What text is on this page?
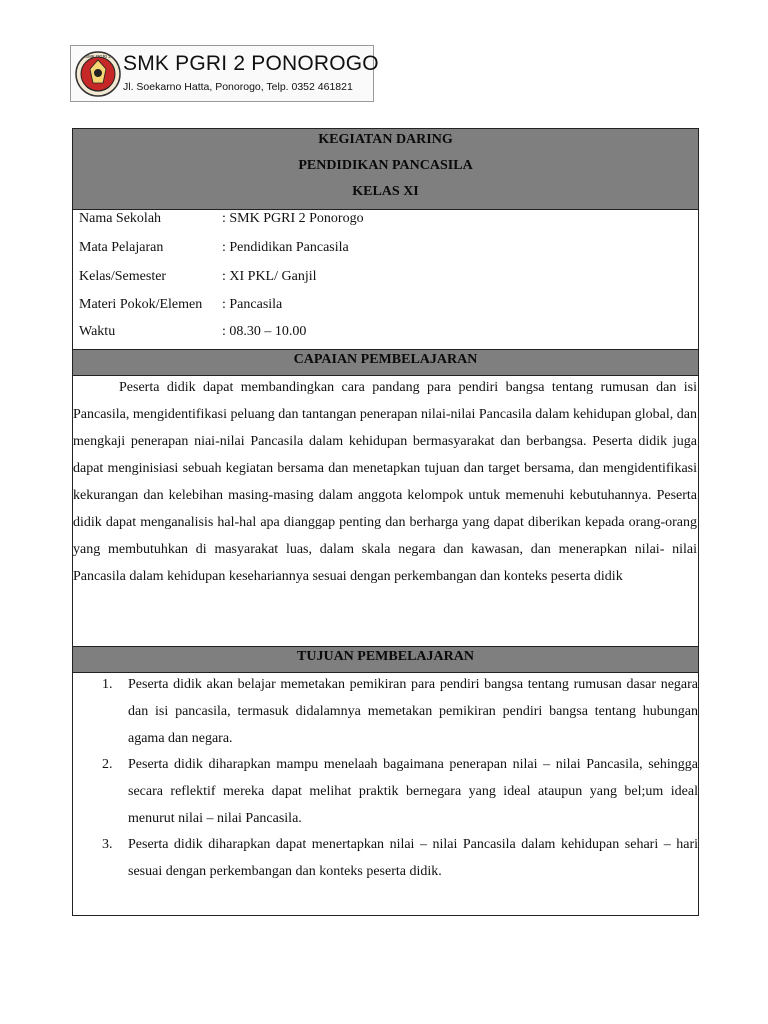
SMK PGRI 2 SMK PGRI 2 PONOROGO
Jl. Soekarno Hatta, Ponorogo, Telp. 0352 461821
KEGIATAN DARING
PENDIDIKAN PANCASILA
KELAS XI
Nama Sekolah	: SMK PGRI 2 Ponorogo
Mata Pelajaran	: Pendidikan Pancasila
Kelas/Semester	: XI PKL/ Ganjil
Materi Pokok/Elemen : Pancasila
Waktu	: 08.30 – 10.00
CAPAIAN PEMBELAJARAN
Peserta didik dapat membandingkan cara pandang para pendiri bangsa tentang rumusan dan isi Pancasila, mengidentifikasi peluang dan tantangan penerapan nilai-nilai Pancasila dalam kehidupan global, dan mengkaji penerapan niai-nilai Pancasila dalam kehidupan bermasyarakat dan berbangsa. Peserta didik juga dapat menginisiasi sebuah kegiatan bersama dan menetapkan tujuan dan target bersama, dan mengidentifikasi kekurangan dan kelebihan masing-masing dalam anggota kelompok untuk memenuhi kebutuhannya. Peserta didik dapat menganalisis hal-hal apa dianggap penting dan berharga yang dapat diberikan kepada orang-orang yang membutuhkan di masyarakat luas, dalam skala negara dan kawasan, dan menerapkan nilai- nilai Pancasila dalam kehidupan kesehariannya sesuai dengan perkembangan dan konteks peserta didik
TUJUAN PEMBELAJARAN
1. Peserta didik akan belajar memetakan pemikiran para pendiri bangsa tentang rumusan dasar negara dan isi pancasila, termasuk didalamnya memetakan pemikiran pendiri bangsa tentang hubungan agama dan negara.
2. Peserta didik diharapkan mampu menelaah bagaimana penerapan nilai – nilai Pancasila, sehingga secara reflektif mereka dapat melihat praktik bernegara yang ideal ataupun yang bel;um ideal menurut nilai – nilai Pancasila.
3. Peserta didik diharapkan dapat menertapkan nilai – nilai Pancasila dalam kehidupan sehari – hari sesuai dengan perkembangan dan konteks peserta didik.
